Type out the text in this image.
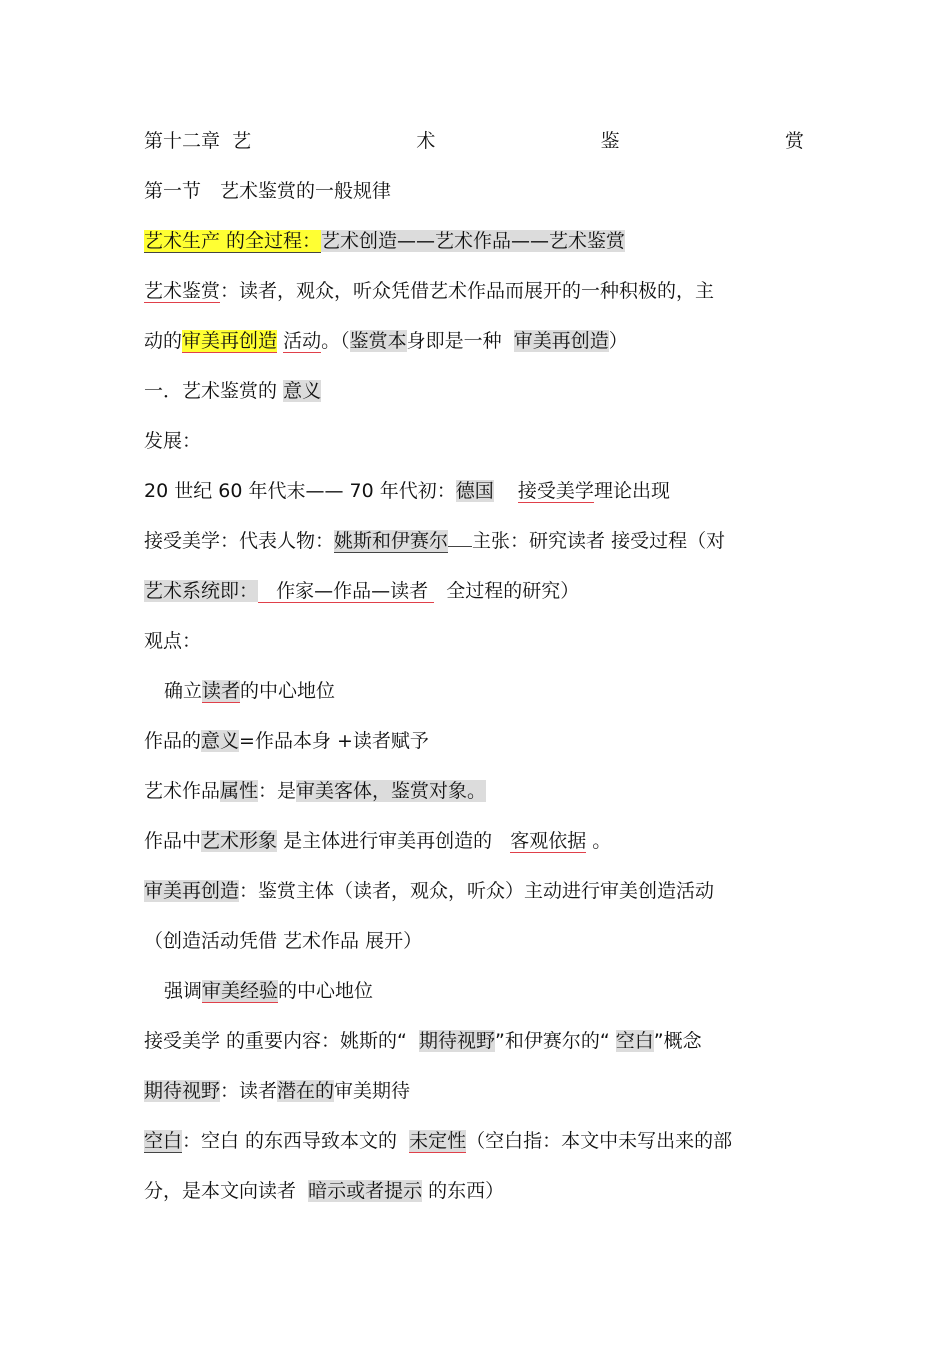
第十二章 艺	术	鉴	赏
第一节　艺术鉴赏的一般规律
艺术生产 的全过程：艺术创造——艺术作品——艺术鉴赏
艺术鉴赏：读者，观众，听众凭借艺术作品而展开的一种积极的，主
动的审美再创造 活动。（鉴赏本身即是一种 审美再创造）
一．艺术鉴赏的 意义
发展：
20 世纪 60 年代末—— 70 年代初：德国 接受美学理论出现
接受美学：代表人物：姚斯和伊赛尔 主张：研究读者 接受过程（对
艺术系统即： 作家—作品—读者 全过程的研究）
观点：
确立读者的中心地位
作品的意义=作品本身 +读者赋予
艺术作品属性：是审美客体，鉴赏对象。
作品中艺术形象 是主体进行审美再创造的 客观依据 。
审美再创造：鉴赏主体（读者，观众，听众）主动进行审美创造活动
（创造活动凭借 艺术作品 展开）
强调审美经验的中心地位
接受美学 的重要内容：姚斯的“ 期待视野”和伊赛尔的“ 空白”概念
期待视野：读者潜在的审美期待
空白：空白 的东西导致本文的 未定性（空白指：本文中未写出来的部
分，是本文向读者 暗示或者提示 的东西）
